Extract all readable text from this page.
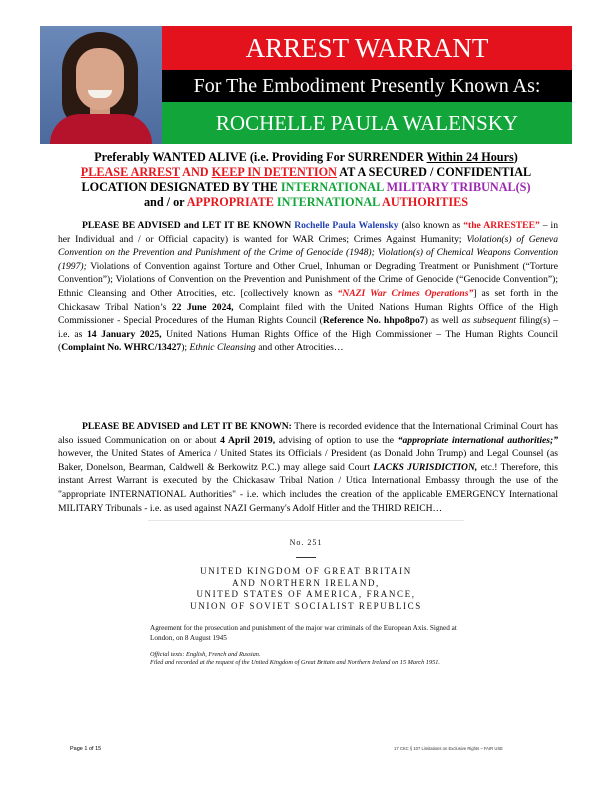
ARREST WARRANT
For The Embodiment Presently Known As:
ROCHELLE PAULA WALENSKY
Preferably WANTED ALIVE (i.e. Providing For SURRENDER Within 24 Hours)
PLEASE ARREST AND KEEP IN DETENTION AT A SECURED / CONFIDENTIAL
LOCATION DESIGNATED BY THE INTERNATIONAL MILITARY TRIBUNAL(S)
and / or APPROPRIATE INTERNATIONAL AUTHORITIES
PLEASE BE ADVISED and LET IT BE KNOWN Rochelle Paula Walensky (also known as “the ARRESTEE” – in her Individual and / or Official capacity) is wanted for WAR Crimes; Crimes Against Humanity; Violation(s) of Geneva Convention on the Prevention and Punishment of the Crime of Genocide (1948); Violation(s) of Chemical Weapons Convention (1997); Violations of Convention against Torture and Other Cruel, Inhuman or Degrading Treatment or Punishment (“Torture Convention”); Violations of Convention on the Prevention and Punishment of the Crime of Genocide (“Genocide Convention”); Ethnic Cleansing and Other Atrocities, etc. [collectively known as “NAZI War Crimes Operations”] as set forth in the Chickasaw Tribal Nation’s 22 June 2024, Complaint filed with the United Nations Human Rights Office of the High Commissioner - Special Procedures of the Human Rights Council (Reference No. hhpo8po7) as well as subsequent filing(s) – i.e. as 14 January 2025, United Nations Human Rights Office of the High Commissioner – The Human Rights Council (Complaint No. WHRC/13427); Ethnic Cleansing and other Atrocities…
PLEASE BE ADVISED and LET IT BE KNOWN: There is recorded evidence that the International Criminal Court has also issued Communication on or about 4 April 2019, advising of option to use the “appropriate international authorities;” however, the United States of America / United States its Officials / President (as Donald John Trump) and Legal Counsel (as Baker, Donelson, Bearman, Caldwell & Berkowitz P.C.) may allege said Court LACKS JURISDICTION, etc.! Therefore, this instant Arrest Warrant is executed by the Chickasaw Tribal Nation / Utica International Embassy through the use of the "appropriate INTERNATIONAL Authorities" - i.e. which includes the creation of the applicable EMERGENCY International MILITARY Tribunals - i.e. as used against NAZI Germany's Adolf Hitler and the THIRD REICH…
No. 251
UNITED KINGDOM OF GREAT BRITAIN
AND NORTHERN IRELAND,
UNITED STATES OF AMERICA, FRANCE,
UNION OF SOVIET SOCIALIST REPUBLICS
Agreement for the prosecution and punishment of the major war criminals of the European Axis. Signed at London, on 8 August 1945
Official texts: English, French and Russian.
Filed and recorded at the request of the United Kingdom of Great Britain and Northern Ireland on 15 March 1951.
Page 1 of 15	17 CKC § 107 Limitations on Exclusive Rights – FAIR USE
